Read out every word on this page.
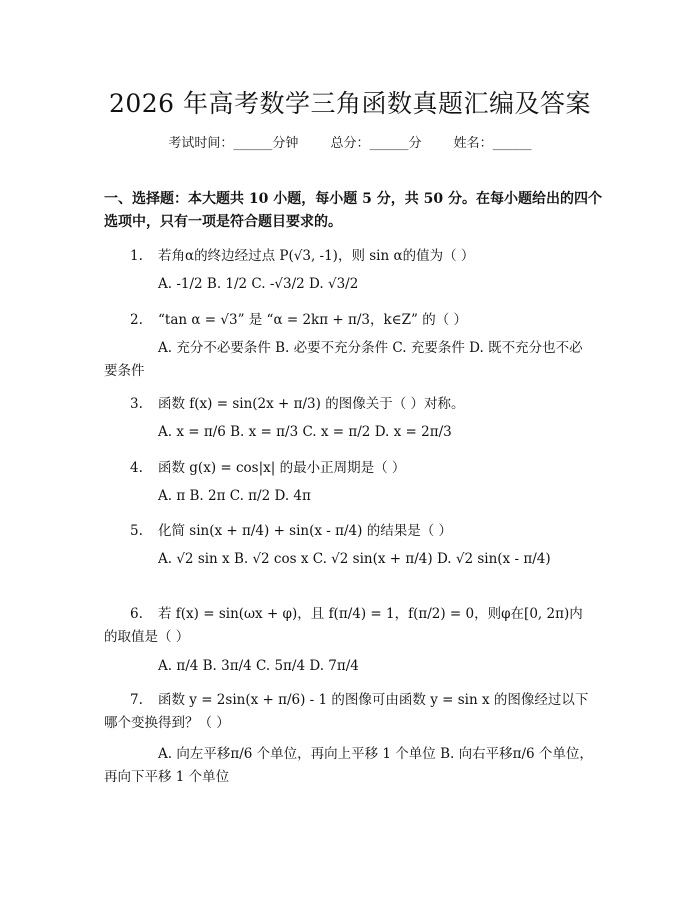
2026 年高考数学三角函数真题汇编及答案
考试时间：______分钟 总分：______分 姓名：______
一、选择题：本大题共 10 小题，每小题 5 分，共 50 分。在每小题给出的四个选项中，只有一项是符合题目要求的。
1. 若角α的终边经过点 P(√3, -1)，则 sin α的值为（ ）
A. -1/2 B. 1/2 C. -√3/2 D. √3/2
2. “tan α = √3” 是 “α = 2kπ + π/3，k∈Z” 的（ ）
A. 充分不必要条件 B. 必要不充分条件 C. 充要条件 D. 既不充分也不必要条件
3. 函数 f(x) = sin(2x + π/3) 的图像关于（ ）对称。
A. x = π/6 B. x = π/3 C. x = π/2 D. x = 2π/3
4. 函数 g(x) = cos|x| 的最小正周期是（ ）
A. π B. 2π C. π/2 D. 4π
5. 化简 sin(x + π/4) + sin(x - π/4) 的结果是（ ）
A. √2 sin x B. √2 cos x C. √2 sin(x + π/4) D. √2 sin(x - π/4)
6. 若 f(x) = sin(ωx + φ)，且 f(π/4) = 1，f(π/2) = 0，则φ在[0, 2π)内的取值是（ ）
A. π/4 B. 3π/4 C. 5π/4 D. 7π/4
7. 函数 y = 2sin(x + π/6) - 1 的图像可由函数 y = sin x 的图像经过以下哪个变换得到？（ ）
A. 向左平移π/6 个单位，再向上平移 1 个单位 B. 向右平移π/6 个单位，再向下平移 1 个单位
